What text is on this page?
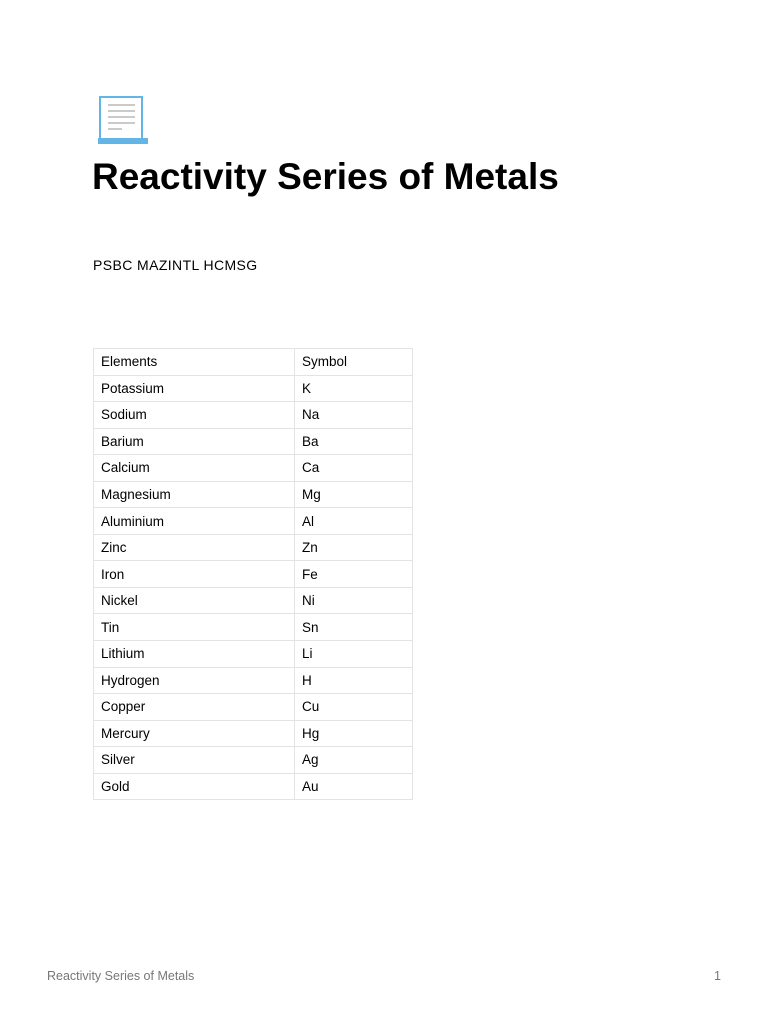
Reactivity Series of Metals
PSBC MAZINTL HCMSG
Elements	Symbol
Potassium	K
Sodium	Na
Barium	Ba
Calcium	Ca
Magnesium	Mg
Aluminium	Al
Zinc	Zn
Iron	Fe
Nickel	Ni
Tin	Sn
Lithium	Li
Hydrogen	H
Copper	Cu
Mercury	Hg
Silver	Ag
Gold	Au
Reactivity Series of Metals	1
